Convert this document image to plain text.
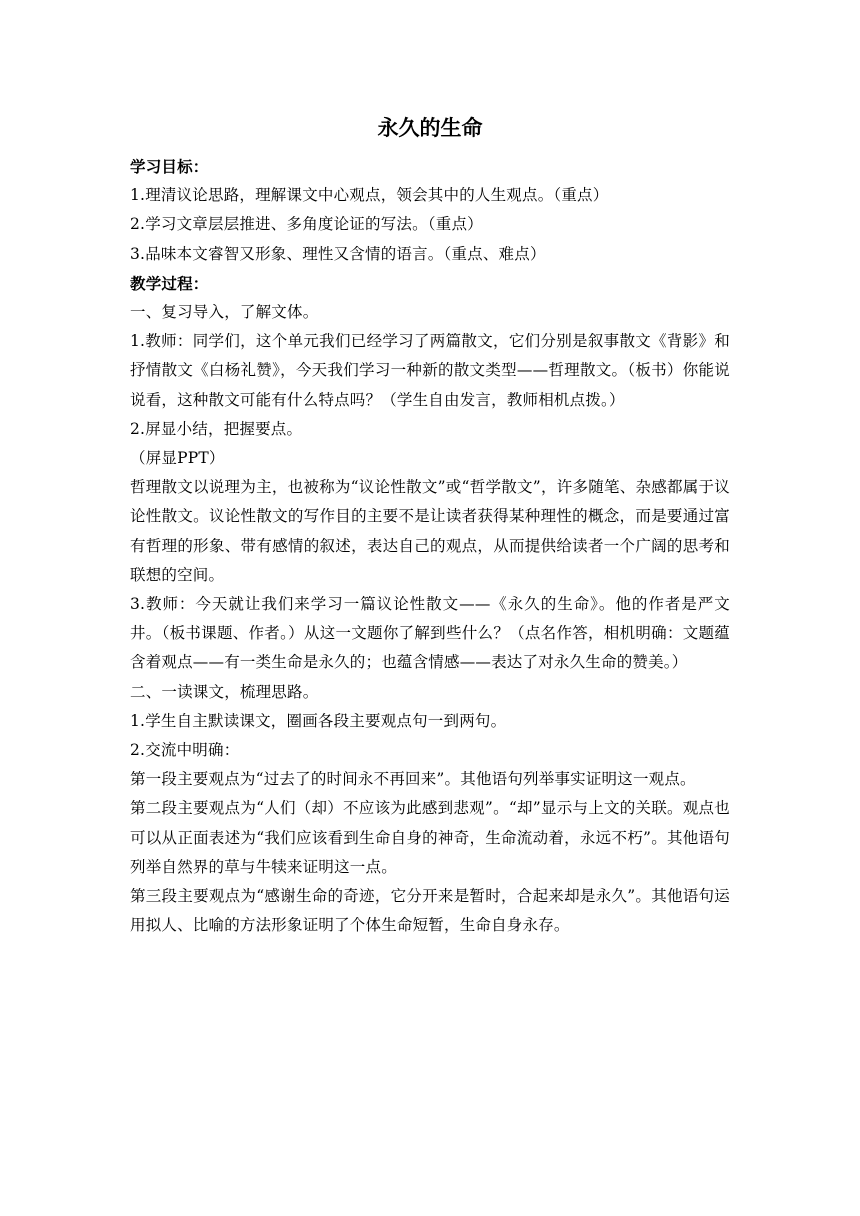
永久的生命

学习目标：

1.理清议论思路，理解课文中心观点，领会其中的人生观点。（重点）

2.学习文章层层推进、多角度论证的写法。（重点）

3.品味本文睿智又形象、理性又含情的语言。（重点、难点）

教学过程：

一、复习导入，了解文体。

1.教师：同学们，这个单元我们已经学习了两篇散文，它们分别是叙事散文《背影》和抒情散文《白杨礼赞》，今天我们学习一种新的散文类型——哲理散文。（板书）你能说说看，这种散文可能有什么特点吗？（学生自由发言，教师相机点拨。）

2.屏显小结，把握要点。

（屏显PPT）

哲理散文以说理为主，也被称为“议论性散文”或“哲学散文”，许多随笔、杂感都属于议论性散文。议论性散文的写作目的主要不是让读者获得某种理性的概念，而是要通过富有哲理的形象、带有感情的叙述，表达自己的观点，从而提供给读者一个广阔的思考和联想的空间。

3.教师：今天就让我们来学习一篇议论性散文——《永久的生命》。他的作者是严文井。（板书课题、作者。）从这一文题你了解到些什么？（点名作答，相机明确：文题蕴含着观点——有一类生命是永久的；也蕴含情感——表达了对永久生命的赞美。）

二、一读课文，梳理思路。

1.学生自主默读课文，圈画各段主要观点句一到两句。

2.交流中明确：

第一段主要观点为“过去了的时间永不再回来”。其他语句列举事实证明这一观点。

第二段主要观点为“人们（却）不应该为此感到悲观”。“却”显示与上文的关联。观点也可以从正面表述为“我们应该看到生命自身的神奇，生命流动着，永远不朽”。其他语句列举自然界的草与牛犊来证明这一点。

第三段主要观点为“感谢生命的奇迹，它分开来是暂时，合起来却是永久”。其他语句运用拟人、比喻的方法形象证明了个体生命短暂，生命自身永存。
